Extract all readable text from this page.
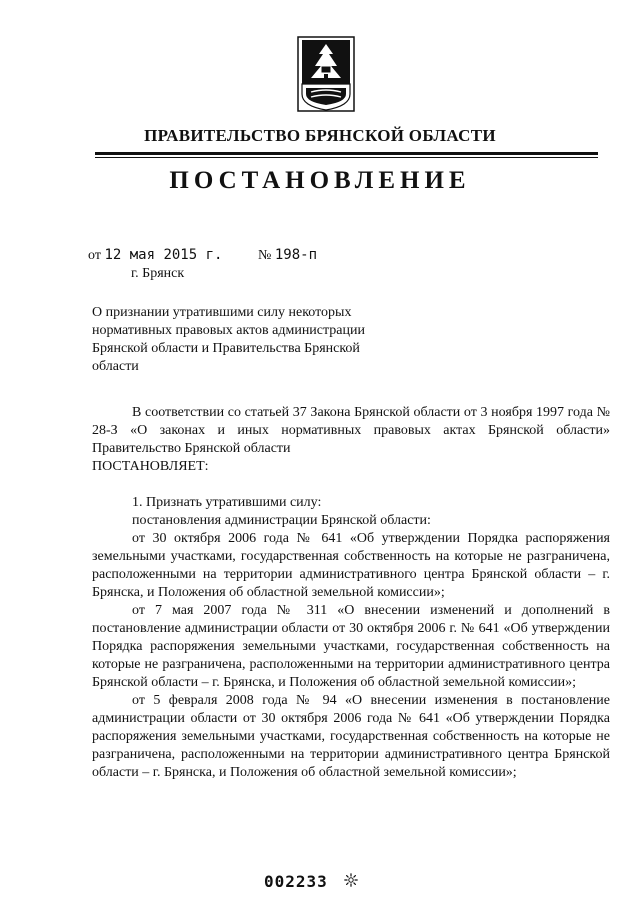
ПРАВИТЕЛЬСТВО БРЯНСКОЙ ОБЛАСТИ
ПОСТАНОВЛЕНИЕ
от 12 мая 2015 г.	№ 198-п
г. Брянск
О признании утратившими силу некоторых нормативных правовых актов администрации Брянской области и Правительства Брянской области

В соответствии со статьей 37 Закона Брянской области от 3 ноября 1997 года № 28-З «О законах и иных нормативных правовых актах Брянской области» Правительство Брянской области

ПОСТАНОВЛЯЕТ:

1. Признать утратившими силу:

постановления администрации Брянской области:

от 30 октября 2006 года № 641 «Об утверждении Порядка распоряжения земельными участками, государственная собственность на которые не разграничена, расположенными на территории административного центра Брянской области – г. Брянска, и Положения об областной земельной комиссии»;

от 7 мая 2007 года № 311 «О внесении изменений и дополнений в постановление администрации области от 30 октября 2006 г. № 641 «Об утверждении Порядка распоряжения земельными участками, государственная собственность на которые не разграничена, расположенными на территории административного центра Брянской области – г. Брянска, и Положения об областной земельной комиссии»;

от 5 февраля 2008 года № 94 «О внесении изменения в постановление администрации области от 30 октября 2006 года № 641 «Об утверждении Порядка распоряжения земельными участками, государственная собственность на которые не разграничена, расположенными на территории административного центра Брянской области – г. Брянска, и Положения об областной земельной комиссии»;

002233
